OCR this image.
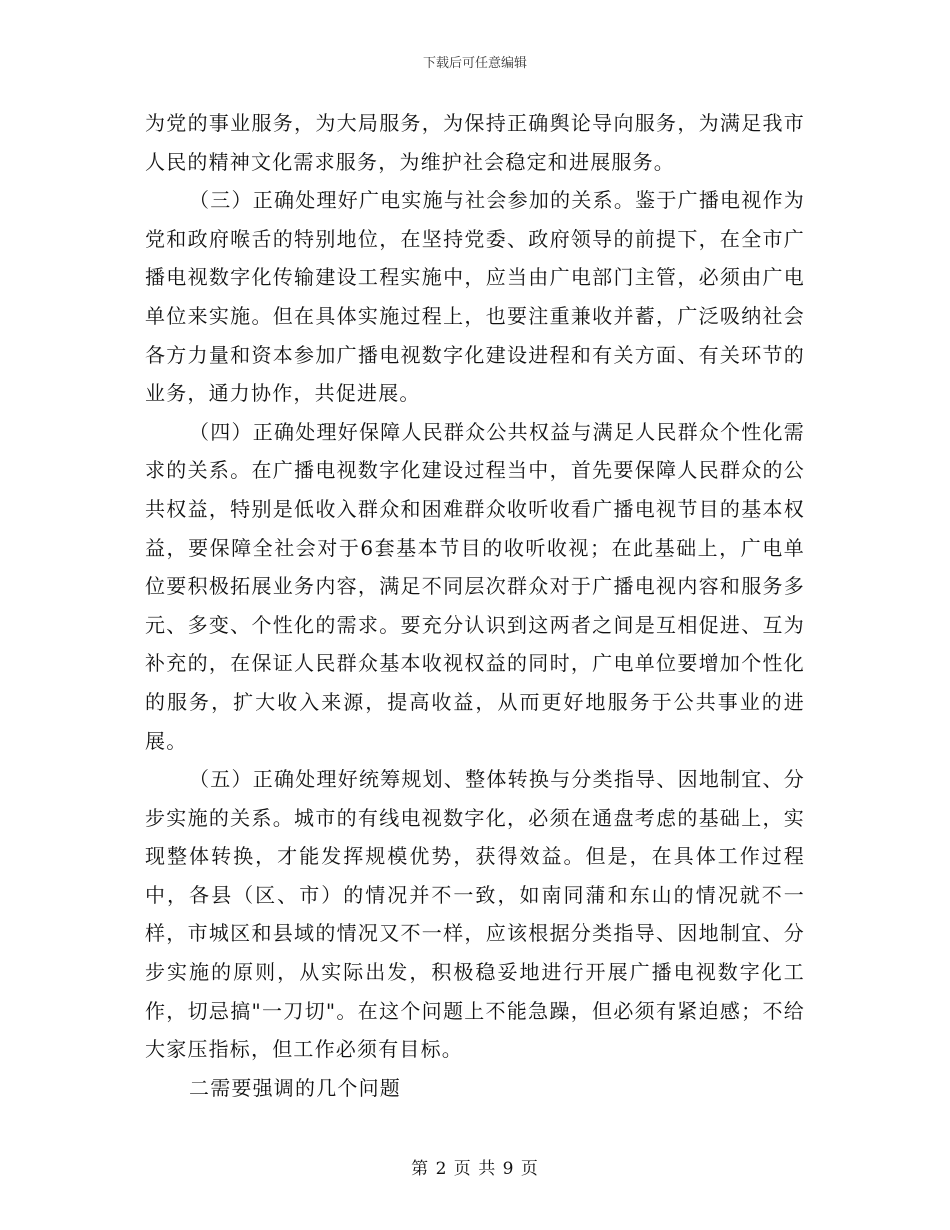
下载后可任意编辑

为党的事业服务，为大局服务，为保持正确舆论导向服务，为满足我市人民的精神文化需求服务，为维护社会稳定和进展服务。

（三）正确处理好广电实施与社会参加的关系。鉴于广播电视作为党和政府喉舌的特别地位，在坚持党委、政府领导的前提下，在全市广播电视数字化传输建设工程实施中，应当由广电部门主管，必须由广电单位来实施。但在具体实施过程上，也要注重兼收并蓄，广泛吸纳社会各方力量和资本参加广播电视数字化建设进程和有关方面、有关环节的业务，通力协作，共促进展。

（四）正确处理好保障人民群众公共权益与满足人民群众个性化需求的关系。在广播电视数字化建设过程当中，首先要保障人民群众的公共权益，特别是低收入群众和困难群众收听收看广播电视节目的基本权益，要保障全社会对于6套基本节目的收听收视；在此基础上，广电单位要积极拓展业务内容，满足不同层次群众对于广播电视内容和服务多元、多变、个性化的需求。要充分认识到这两者之间是互相促进、互为补充的，在保证人民群众基本收视权益的同时，广电单位要增加个性化的服务，扩大收入来源，提高收益，从而更好地服务于公共事业的进展。

（五）正确处理好统筹规划、整体转换与分类指导、因地制宜、分步实施的关系。城市的有线电视数字化，必须在通盘考虑的基础上，实现整体转换，才能发挥规模优势，获得效益。但是，在具体工作过程中，各县（区、市）的情况并不一致，如南同蒲和东山的情况就不一样，市城区和县域的情况又不一样，应该根据分类指导、因地制宜、分步实施的原则，从实际出发，积极稳妥地进行开展广播电视数字化工作，切忌搞"一刀切"。在这个问题上不能急躁，但必须有紧迫感；不给大家压指标，但工作必须有目标。

二需要强调的几个问题

第 2 页 共 9 页
